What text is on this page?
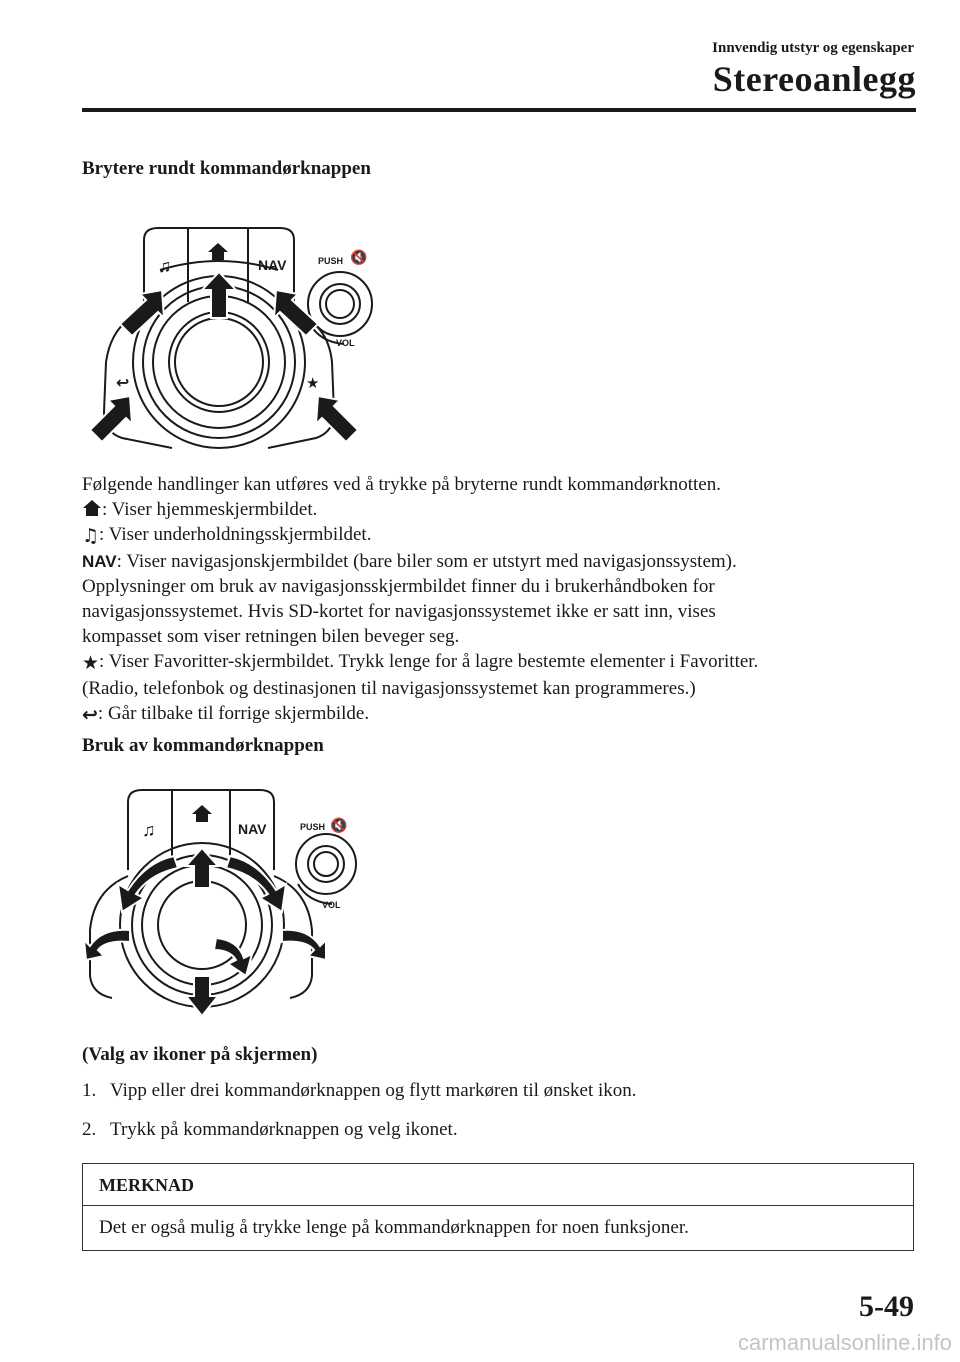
Innvendig utstyr og egenskaper
Stereoanlegg
Brytere rundt kommandørknappen
♫	NAV	PUSH 🔇
VOL
↩	★

Følgende handlinger kan utføres ved å trykke på bryterne rundt kommandørknotten.

: Viser hjemmeskjermbildet.

♫: Viser underholdningsskjermbildet.

NAV: Viser navigasjonskjermbildet (bare biler som er utstyrt med navigasjonssystem).

Opplysninger om bruk av navigasjonsskjermbildet finner du i brukerhåndboken for

navigasjonssystemet. Hvis SD-kortet for navigasjonssystemet ikke er satt inn, vises

kompasset som viser retningen bilen beveger seg.

★: Viser Favoritter-skjermbildet. Trykk lenge for å lagre bestemte elementer i Favoritter.

(Radio, telefonbok og destinasjonen til navigasjonssystemet kan programmeres.)

↩: Går tilbake til forrige skjermbilde.

Bruk av kommandørknappen
♫	NAV	PUSH 🔇
VOL
(Valg av ikoner på skjermen)
1. Vipp eller drei kommandørknappen og flytt markøren til ønsket ikon.
2. Trykk på kommandørknappen og velg ikonet.
MERKNAD
Det er også mulig å trykke lenge på kommandørknappen for noen funksjoner.
5-49
carmanualsonline.info
